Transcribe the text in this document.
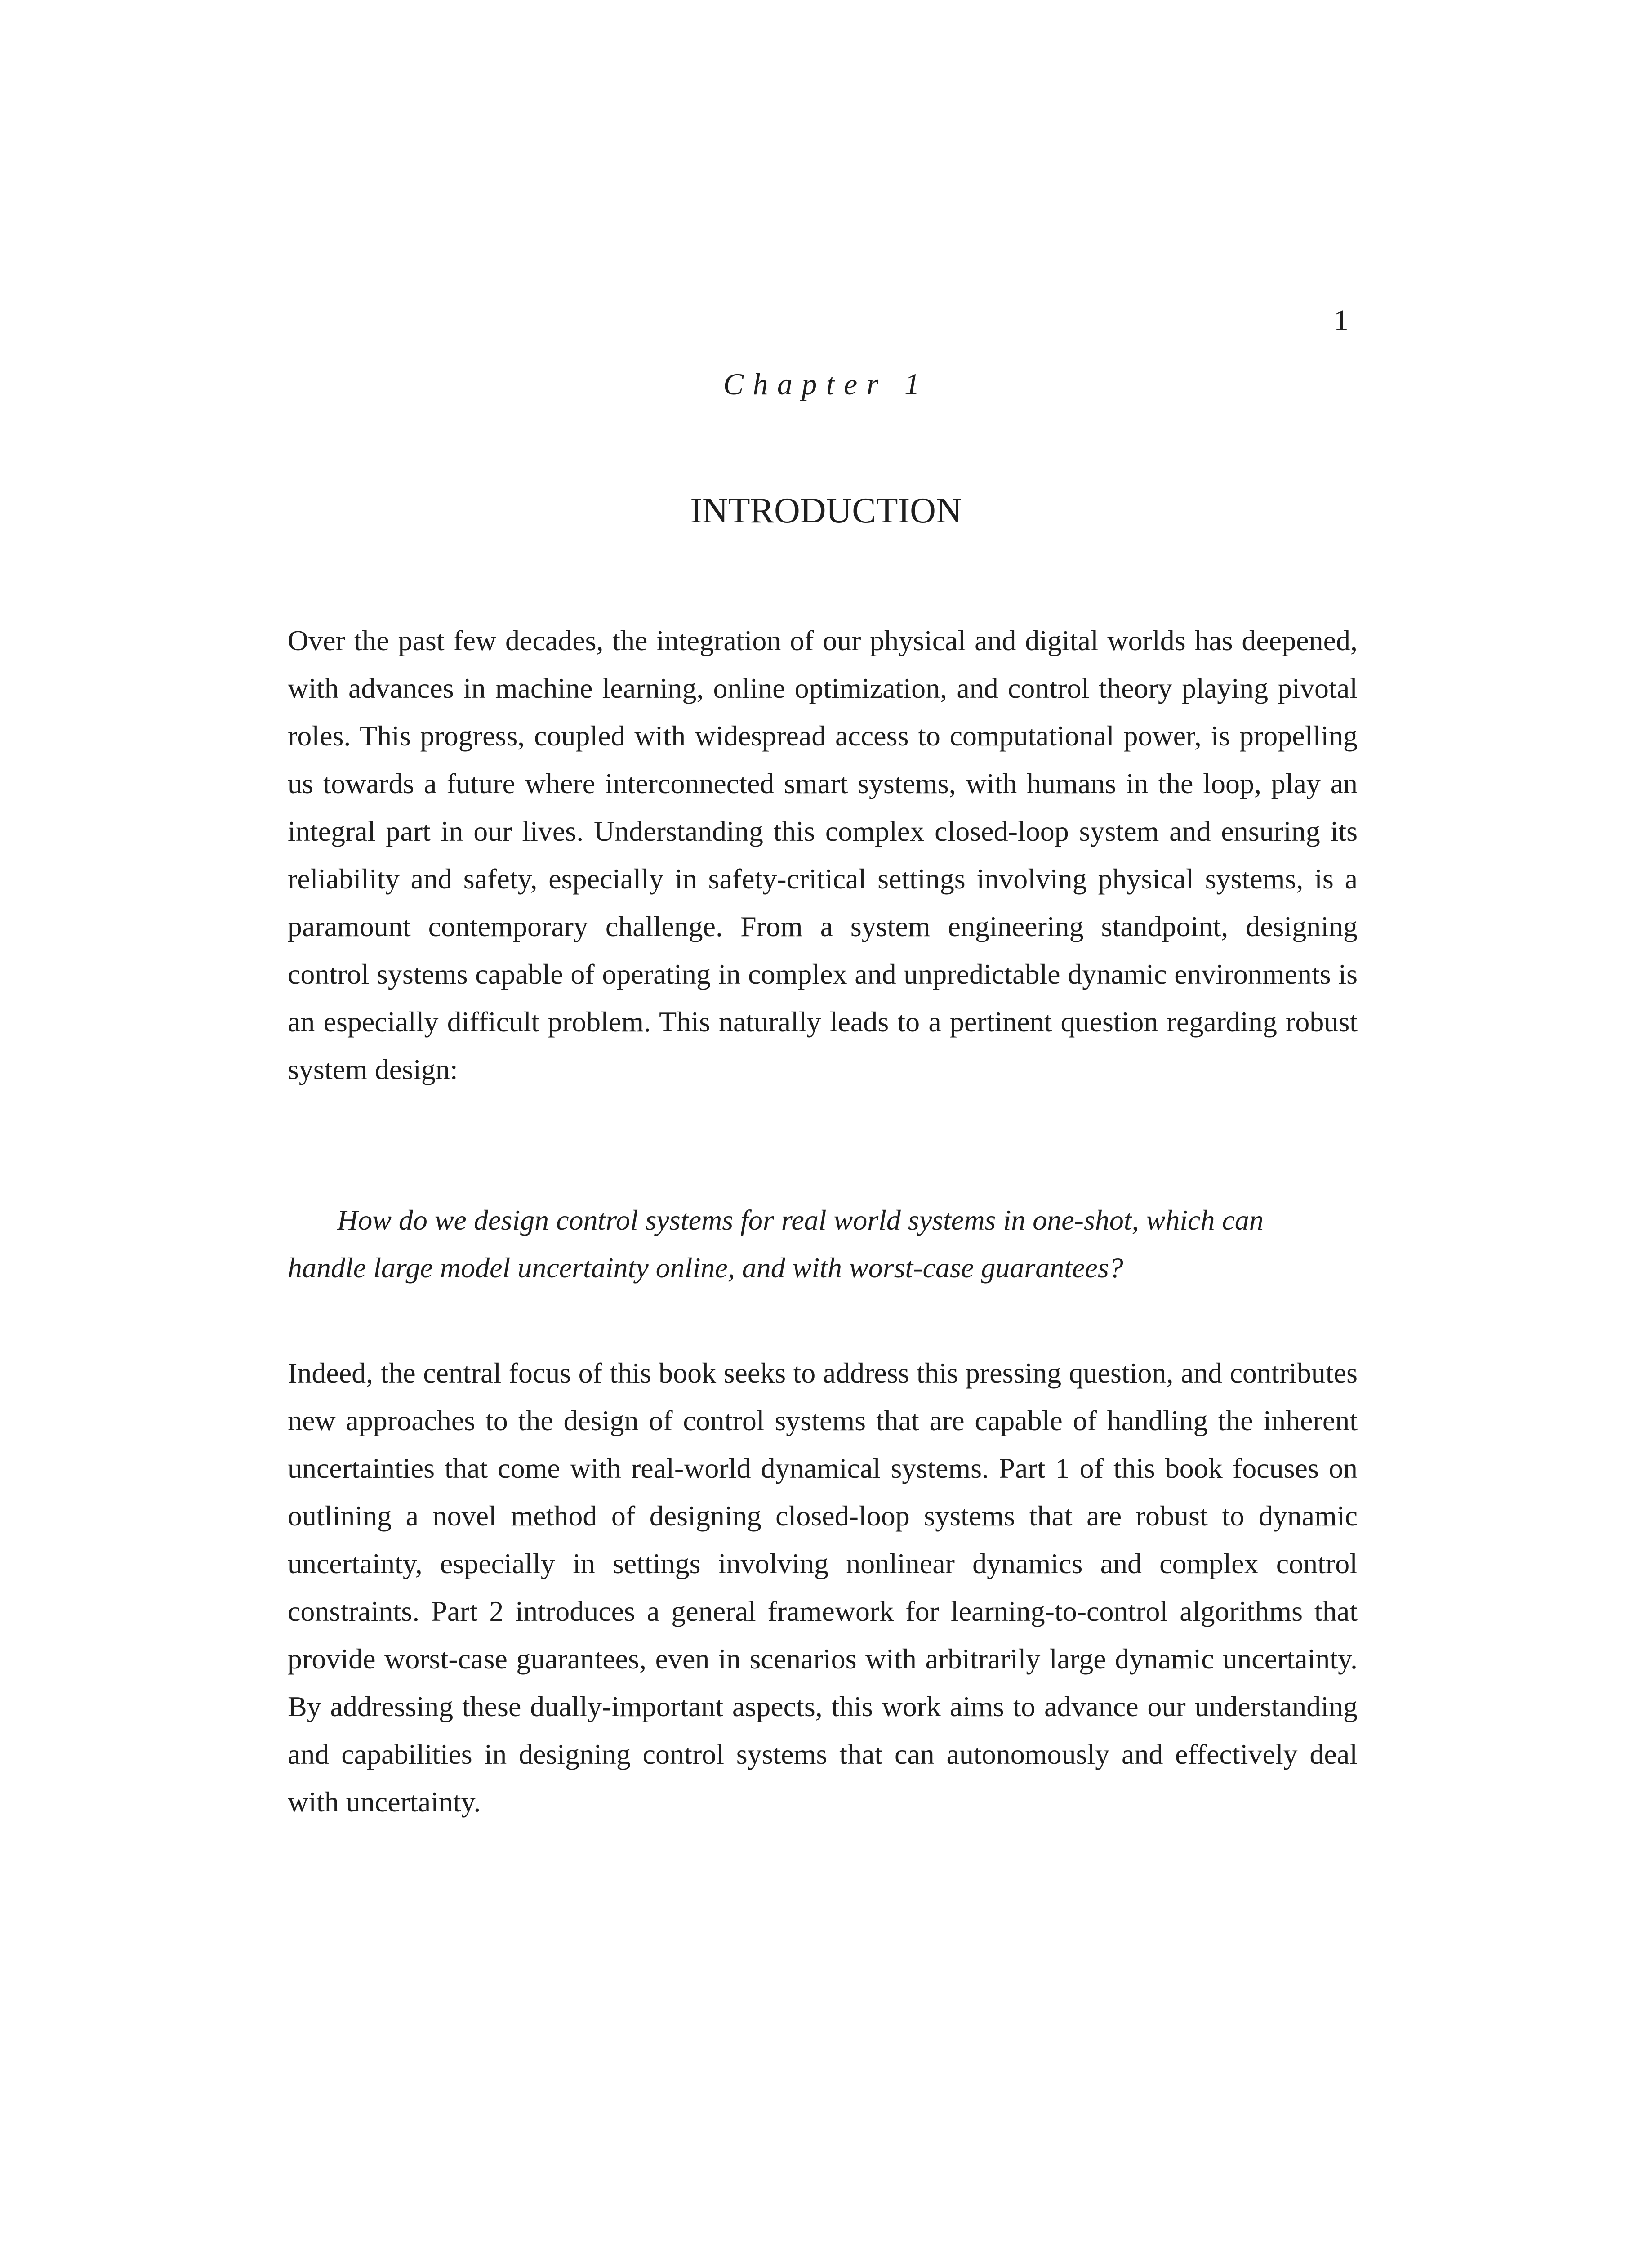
1
Chapter 1
INTRODUCTION

Over the past few decades, the integration of our physical and digital worlds has deepened, with advances in machine learning, online optimization, and control theory playing pivotal roles. This progress, coupled with widespread access to computational power, is propelling us towards a future where interconnected smart systems, with humans in the loop, play an integral part in our lives. Understanding this complex closed-loop system and ensuring its reliability and safety, especially in safety-critical settings involving physical systems, is a paramount contemporary challenge. From a system engineering standpoint, designing control systems capable of operating in complex and unpredictable dynamic environments is an especially difficult problem. This naturally leads to a pertinent question regarding robust system design:

How do we design control systems for real world systems in one-shot, which can handle large model uncertainty online, and with worst-case guarantees?

Indeed, the central focus of this book seeks to address this pressing question, and contributes new approaches to the design of control systems that are capable of handling the inherent uncertainties that come with real-world dynamical systems. Part 1 of this book focuses on outlining a novel method of designing closed-loop systems that are robust to dynamic uncertainty, especially in settings involving nonlinear dynamics and complex control constraints. Part 2 introduces a general framework for learning-to-control algorithms that provide worst-case guarantees, even in scenarios with arbitrarily large dynamic uncertainty. By addressing these dually-important aspects, this work aims to advance our understanding and capabilities in designing control systems that can autonomously and effectively deal with uncertainty.
